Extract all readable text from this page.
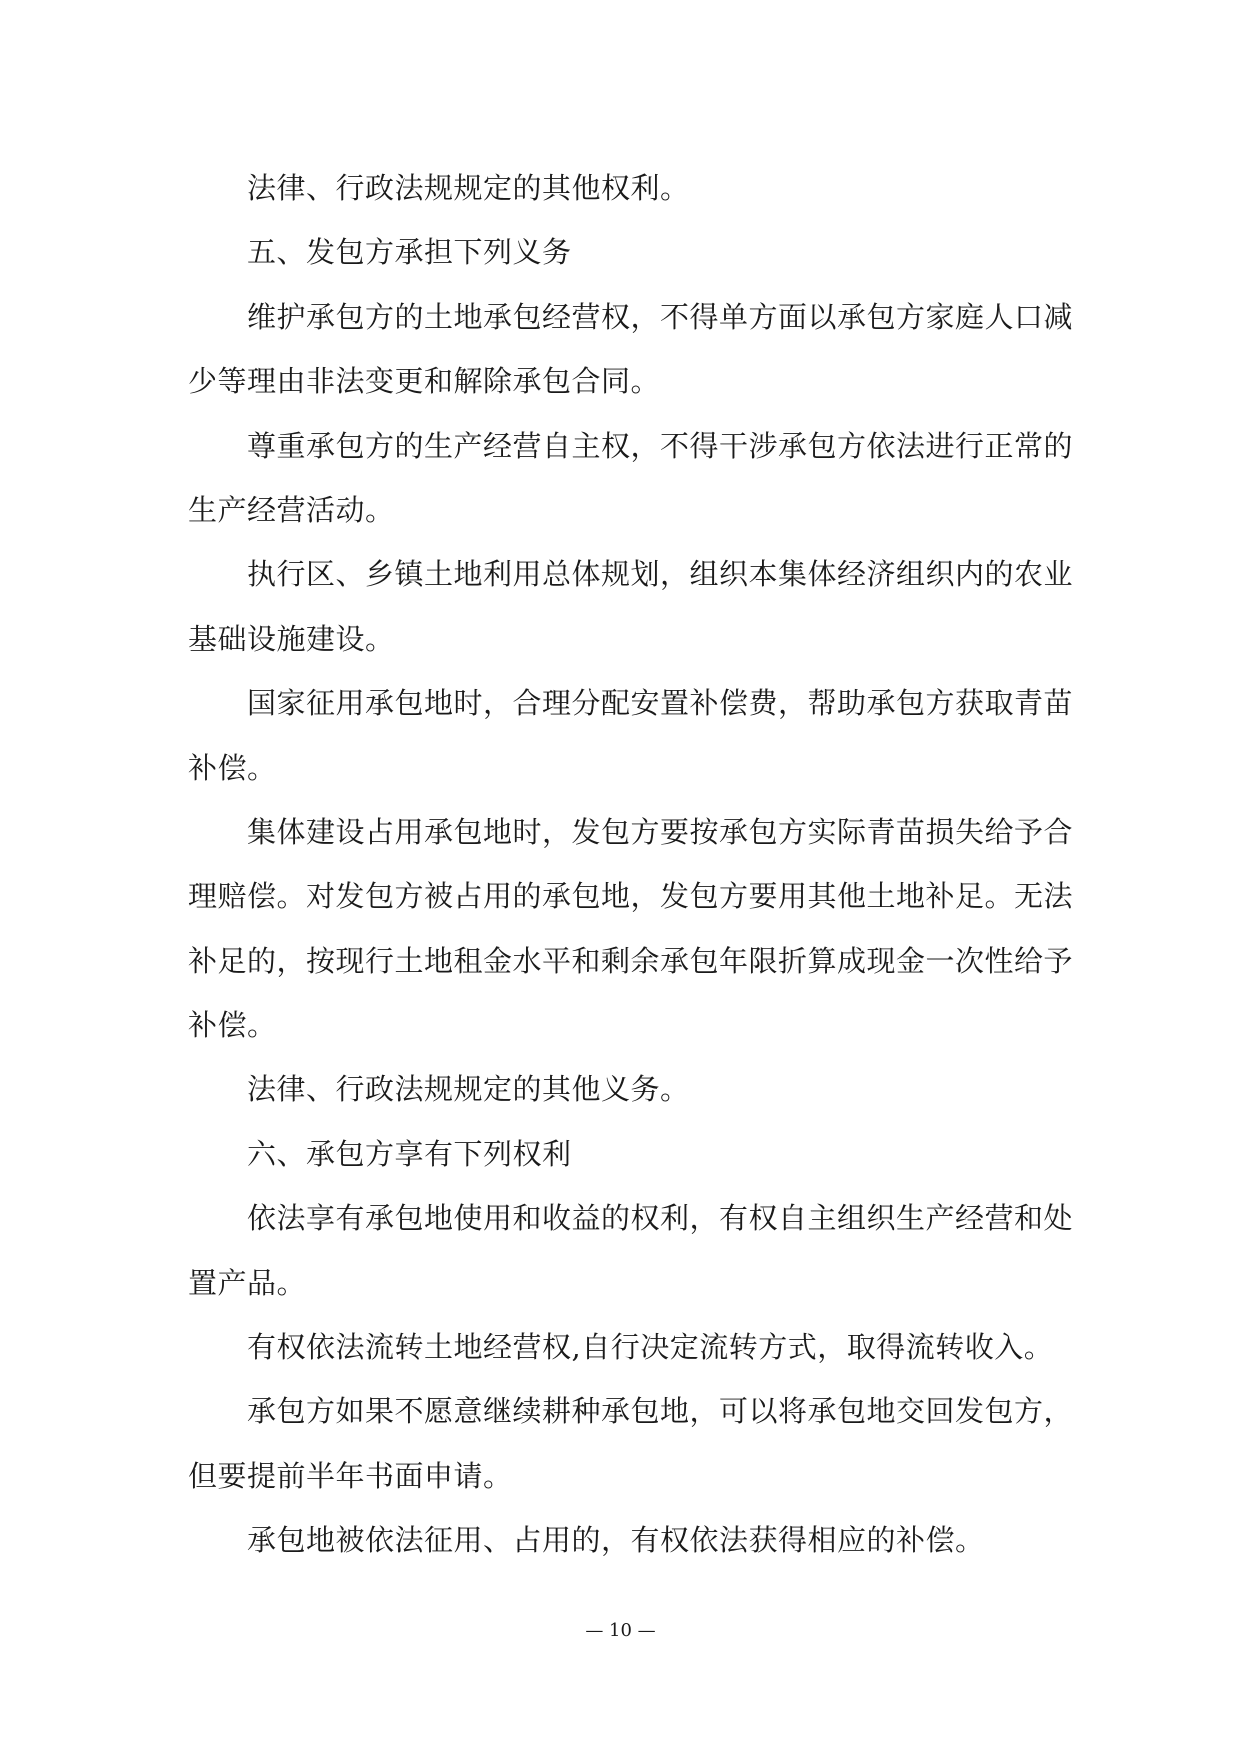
法律、行政法规规定的其他权利。
五、发包方承担下列义务
维护承包方的土地承包经营权，不得单方面以承包方家庭人口减
少等理由非法变更和解除承包合同。
尊重承包方的生产经营自主权，不得干涉承包方依法进行正常的
生产经营活动。
执行区、乡镇土地利用总体规划，组织本集体经济组织内的农业
基础设施建设。
国家征用承包地时，合理分配安置补偿费，帮助承包方获取青苗
补偿。
集体建设占用承包地时，发包方要按承包方实际青苗损失给予合
理赔偿。对发包方被占用的承包地，发包方要用其他土地补足。无法
补足的，按现行土地租金水平和剩余承包年限折算成现金一次性给予
补偿。
法律、行政法规规定的其他义务。
六、承包方享有下列权利
依法享有承包地使用和收益的权利，有权自主组织生产经营和处
置产品。
有权依法流转土地经营权,自行决定流转方式，取得流转收入。
承包方如果不愿意继续耕种承包地，可以将承包地交回发包方，
但要提前半年书面申请。
承包地被依法征用、占用的，有权依法获得相应的补偿。
— 10 —
